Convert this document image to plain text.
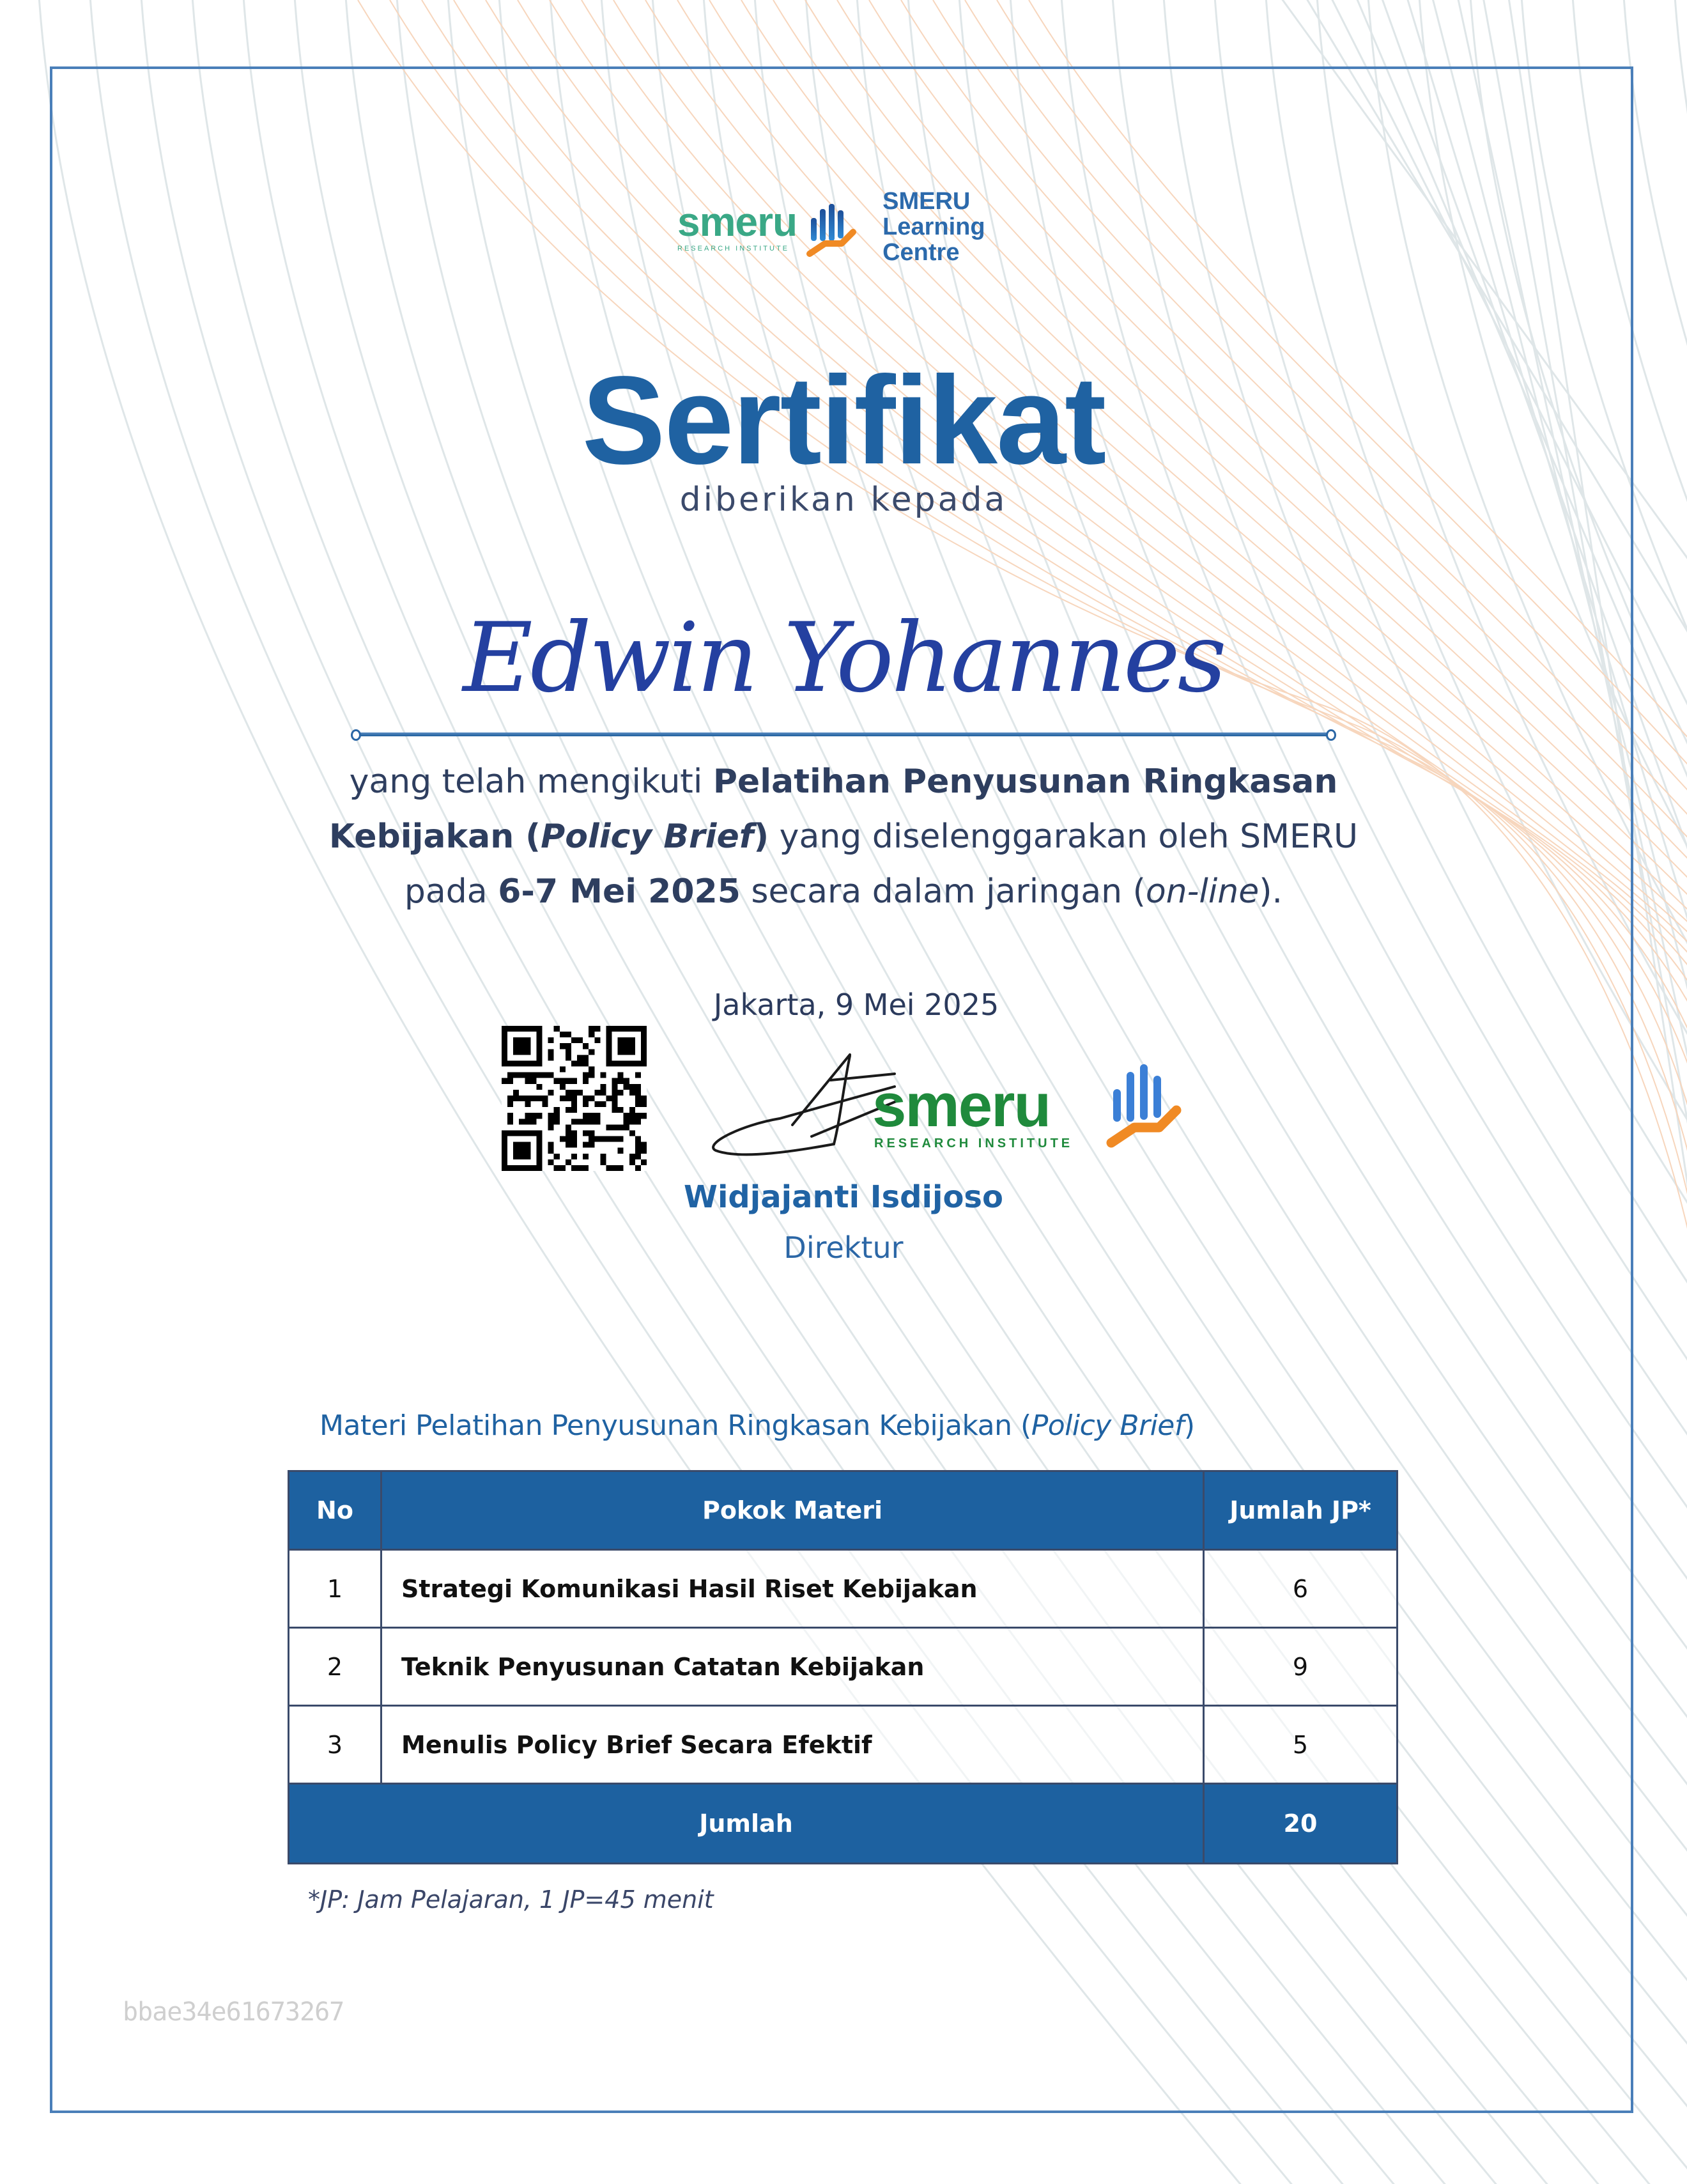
smeru
RESEARCH INSTITUTE
SMERU
Learning
Centre
Sertifikat
diberikan kepada
Edwin Yohannes
yang telah mengikuti Pelatihan Penyusunan Ringkasan
Kebijakan (Policy Brief) yang diselenggarakan oleh SMERU
pada 6-7 Mei 2025 secara dalam jaringan (on-line).
Jakarta, 9 Mei 2025
smeru
RESEARCH INSTITUTE
Widjajanti Isdijoso
Direktur
Materi Pelatihan Penyusunan Ringkasan Kebijakan (Policy Brief)
No	Pokok Materi	Jumlah JP*
1	Strategi Komunikasi Hasil Riset Kebijakan	6
2	Teknik Penyusunan Catatan Kebijakan	9
3	Menulis Policy Brief Secara Efektif	5
Jumlah		20
*JP: Jam Pelajaran, 1 JP=45 menit
bbae34e61673267
